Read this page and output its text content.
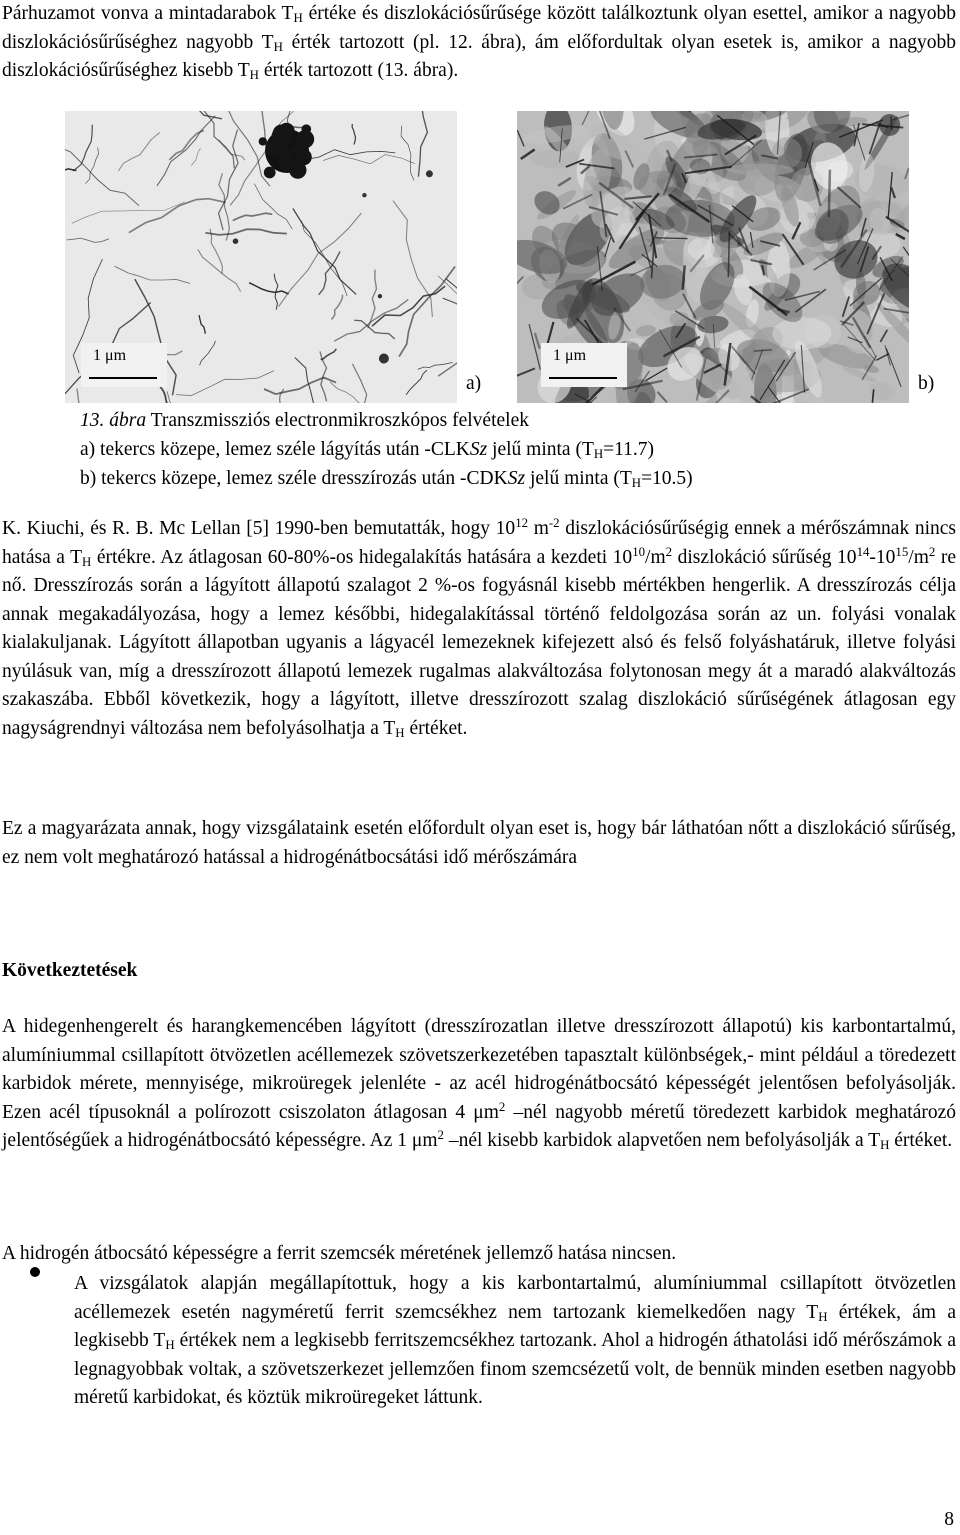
Párhuzamot vonva a mintadarabok $T_H$ értéke és diszlokációsűrűsége között találkoztunk olyan esettel, amikor a nagyobb diszlokációsűrűséghez nagyobb $T_H$ érték tartozott (pl. 12. ábra), ám előfordultak olyan esetek is, amikor a nagyobb diszlokációsűrűséghez kisebb $T_H$ érték tartozott (13. ábra).

1 μm
a)
1 μm
b)

13. ábra Transzmissziós electronmikroszkópos felvételek

a) tekercs közepe, lemez széle lágyítás után -CLKSz jelű minta $(T_H=11.7)$

b) tekercs közepe, lemez széle dresszírozás után -CDKSz jelű minta $(T_H=10.5)$

K. Kiuchi, és R. B. Mc Lellan [5] 1990-ben bemutatták, hogy $10^{12}$ $m^{-2}$ diszlokációsűrűségig ennek a mérőszámnak nincs hatása a $T_H$ értékre. Az átlagosan 60-80%-os hidegalakítás hatására a kezdeti $10^{10}/m^2$ diszlokáció sűrűség $10^{14}-10^{15}/m^2$ re nő. Dresszírozás során a lágyított állapotú szalagot 2 %-os fogyásnál kisebb mértékben hengerlik. A dresszírozás célja annak megakadályozása, hogy a lemez későbbi, hidegalakítással történő feldolgozása során az un. folyási vonalak kialakuljanak. Lágyított állapotban ugyanis a lágyacél lemezeknek kifejezett alsó és felső folyáshatáruk, illetve folyási nyúlásuk van, míg a dresszírozott állapotú lemezek rugalmas alakváltozása folytonosan megy át a maradó alakváltozás szakaszába. Ebből következik, hogy a lágyított, illetve dresszírozott szalag diszlokáció sűrűségének átlagosan egy nagyságrendnyi változása nem befolyásolhatja a $T_H$ értéket.

Ez a magyarázata annak, hogy vizsgálataink esetén előfordult olyan eset is, hogy bár láthatóan nőtt a diszlokáció sűrűség, ez nem volt meghatározó hatással a hidrogénátbocsátási idő mérőszámára

Következtetések

A hidegenhengerelt és harangkemencében lágyított (dresszírozatlan illetve dresszírozott állapotú) kis karbontartalmú, alumíniummal csillapított ötvözetlen acéllemezek szövetszerkezetében tapasztalt különbségek,- mint például a töredezett karbidok mérete, mennyisége, mikroüregek jelenléte - az acél hidrogénátbocsátó képességét jelentősen befolyásolják. Ezen acél típusoknál a polírozott csiszolaton átlagosan 4 $\mu m^2$ –nél nagyobb méretű töredezett karbidok meghatározó jelentőségűek a hidrogénátbocsátó képességre. Az 1 $\mu m^2$ –nél kisebb karbidok alapvetően nem befolyásolják a $T_H$ értéket.

A hidrogén átbocsátó képességre a ferrit szemcsék méretének jellemző hatása nincsen.

A vizsgálatok alapján megállapítottuk, hogy a kis karbontartalmú, alumíniummal csillapított ötvözetlen acéllemezek esetén nagyméretű ferrit szemcsékhez nem tartozank kiemelkedően nagy $T_H$ értékek, ám a legkisebb $T_H$ értékek nem a legkisebb ferritszemcsékhez tartozank. Ahol a hidrogén áthatolási idő mérőszámok a legnagyobbak voltak, a szövetszerkezet jellemzően finom szemcsézetű volt, de bennük minden esetben nagyobb méretű karbidokat, és köztük mikroüregeket láttunk.

8
